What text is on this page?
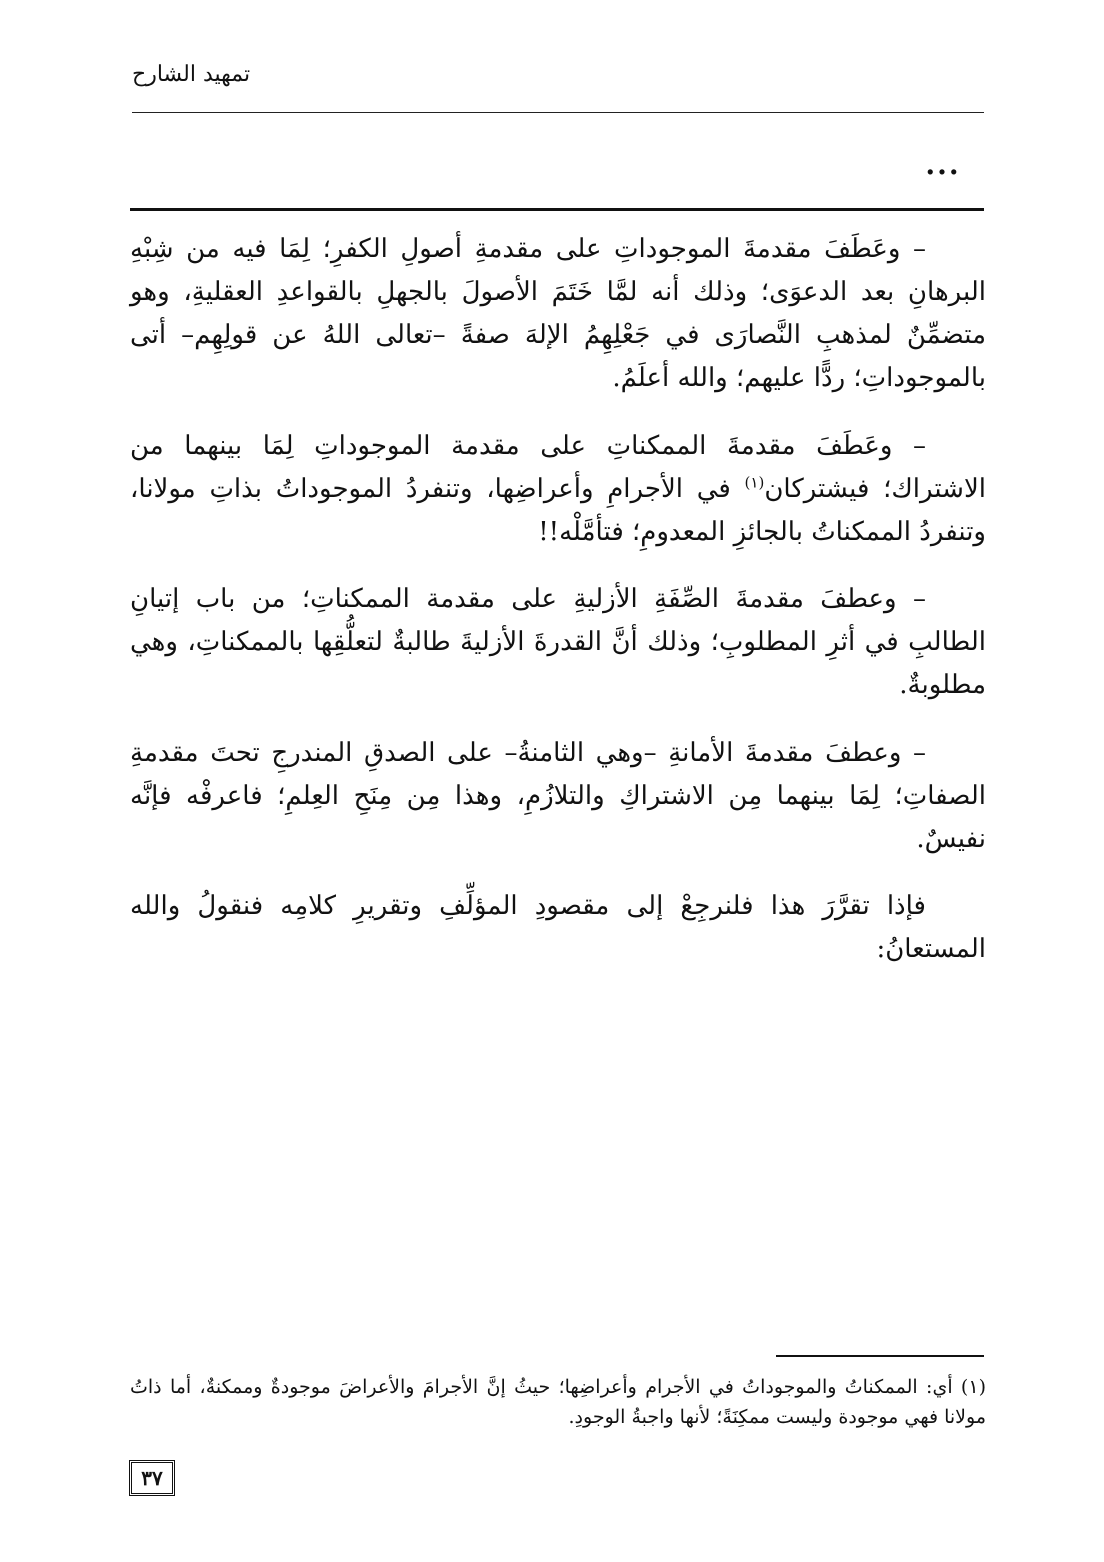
تمهيد الشارح
...

– وعَطَفَ مقدمةَ الموجوداتِ على مقدمةِ أصولِ الكفرِ؛ لِمَا فيه من شِبْهِ البرهانِ بعد الدعوَى؛ وذلك أنه لمَّا خَتَمَ الأصولَ بالجهلِ بالقواعدِ العقليةِ، وهو متضمِّنٌ لمذهبِ النَّصارَى في جَعْلِهِمُ الإلهَ صفةً –تعالى اللهُ عن قولِهِم– أتى بالموجوداتِ؛ ردًّا عليهم؛ والله أعلَمُ.

– وعَطَفَ مقدمةَ الممكناتِ على مقدمة الموجوداتِ لِمَا بينهما من الاشتراك؛ فيشتركان$^{(١)}$ في الأجرامِ وأعراضِها، وتنفردُ الموجوداتُ بذاتِ مولانا، وتنفردُ الممكناتُ بالجائزِ المعدومِ؛ فتأمَّلْه!!

– وعطفَ مقدمةَ الصِّفَةِ الأزليةِ على مقدمة الممكناتِ؛ من باب إتيانِ الطالبِ في أثرِ المطلوبِ؛ وذلك أنَّ القدرةَ الأزليةَ طالبةٌ لتعلُّقِها بالممكناتِ، وهي مطلوبةٌ.

– وعطفَ مقدمةَ الأمانةِ –وهي الثامنةُ– على الصدقِ المندرجِ تحتَ مقدمةِ الصفاتِ؛ لِمَا بينهما مِن الاشتراكِ والتلازُمِ، وهذا مِن مِنَحِ العِلمِ؛ فاعرفْه فإنَّه نفيسٌ.

فإذا تقرَّرَ هذا فلنرجِعْ إلى مقصودِ المؤلِّفِ وتقريرِ كلامِه فنقولُ والله المستعانُ:

(١) أي: الممكناتُ والموجوداتُ في الأجرام وأعراضِها؛ حيثُ إنَّ الأجرامَ والأعراضَ موجودةٌ وممكنةٌ، أما ذاتُ مولانا فهي موجودة وليست ممكِنَةً؛ لأنها واجبةُ الوجودِ.

٣٧
